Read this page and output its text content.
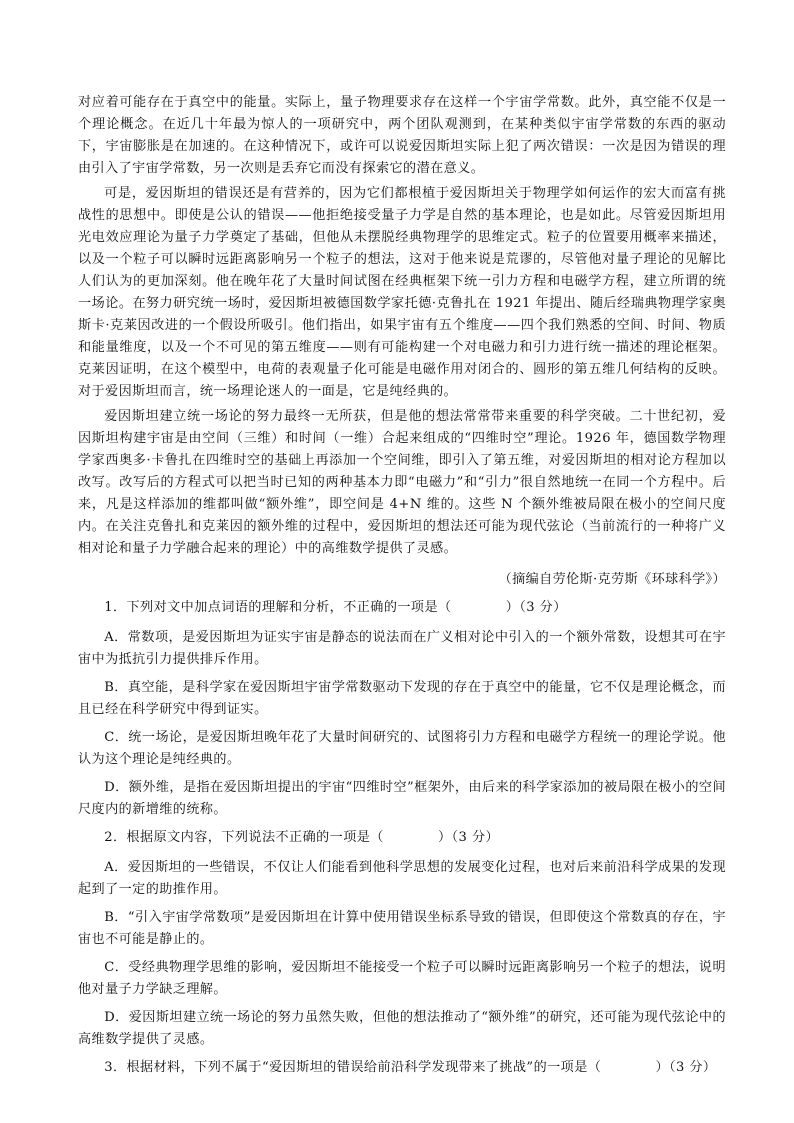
对应着可能存在于真空中的能量。实际上，量子物理要求存在这样一个宇宙学常数。此外，真空能不仅是一个理论概念。在近几十年最为惊人的一项研究中，两个团队观测到，在某种类似宇宙学常数的东西的驱动下，宇宙膨胀是在加速的。在这种情况下，或许可以说爱因斯坦实际上犯了两次错误：一次是因为错误的理由引入了宇宙学常数，另一次则是丢弃它而没有探索它的潜在意义。

可是，爱因斯坦的错误还是有营养的，因为它们都根植于爱因斯坦关于物理学如何运作的宏大而富有挑战性的思想中。即使是公认的错误——他拒绝接受量子力学是自然的基本理论，也是如此。尽管爱因斯坦用光电效应理论为量子力学奠定了基础，但他从未摆脱经典物理学的思维定式。粒子的位置要用概率来描述，以及一个粒子可以瞬时远距离影响另一个粒子的想法，这对于他来说是荒谬的，尽管他对量子理论的见解比人们认为的更加深刻。他在晚年花了大量时间试图在经典框架下统一引力方程和电磁学方程，建立所谓的统一场论。在努力研究统一场时，爱因斯坦被德国数学家托德·克鲁扎在 1921 年提出、随后经瑞典物理学家奥斯卡·克莱因改进的一个假设所吸引。他们指出，如果宇宙有五个维度——四个我们熟悉的空间、时间、物质和能量维度，以及一个不可见的第五维度——则有可能构建一个对电磁力和引力进行统一描述的理论框架。克莱因证明，在这个模型中，电荷的表观量子化可能是电磁作用对闭合的、圆形的第五维几何结构的反映。对于爱因斯坦而言，统一场理论迷人的一面是，它是纯经典的。

爱因斯坦建立统一场论的努力最终一无所获，但是他的想法常常带来重要的科学突破。二十世纪初，爱因斯坦构建宇宙是由空间（三维）和时间（一维）合起来组成的“四维时空”理论。1926 年，德国数学物理学家西奥多·卡鲁扎在四维时空的基础上再添加一个空间维，即引入了第五维，对爱因斯坦的相对论方程加以改写。改写后的方程式可以把当时已知的两种基本力即“电磁力”和“引力”很自然地统一在同一个方程中。后来，凡是这样添加的维都叫做“额外维”，即空间是 4+N 维的。这些 N 个额外维被局限在极小的空间尺度内。在关注克鲁扎和克莱因的额外维的过程中，爱因斯坦的想法还可能为现代弦论（当前流行的一种将广义相对论和量子力学融合起来的理论）中的高维数学提供了灵感。

（摘编自劳伦斯·克劳斯《环球科学》）

1．下列对文中加点词语的理解和分析，不正确的一项是（　　　　）（3 分）

A．常数项，是爱因斯坦为证实宇宙是静态的说法而在广义相对论中引入的一个额外常数，设想其可在宇宙中为抵抗引力提供排斥作用。

B．真空能，是科学家在爱因斯坦宇宙学常数驱动下发现的存在于真空中的能量，它不仅是理论概念，而且已经在科学研究中得到证实。

C．统一场论，是爱因斯坦晚年花了大量时间研究的、试图将引力方程和电磁学方程统一的理论学说。他认为这个理论是纯经典的。

D．额外维，是指在爱因斯坦提出的宇宙“四维时空”框架外，由后来的科学家添加的被局限在极小的空间尺度内的新增维的统称。

2．根据原文内容，下列说法不正确的一项是（　　　　）（3 分）

A．爱因斯坦的一些错误，不仅让人们能看到他科学思想的发展变化过程，也对后来前沿科学成果的发现起到了一定的助推作用。

B．“引入宇宙学常数项”是爱因斯坦在计算中使用错误坐标系导致的错误，但即使这个常数真的存在，宇宙也不可能是静止的。

C．受经典物理学思维的影响，爱因斯坦不能接受一个粒子可以瞬时远距离影响另一个粒子的想法，说明他对量子力学缺乏理解。

D．爱因斯坦建立统一场论的努力虽然失败，但他的想法推动了“额外维”的研究，还可能为现代弦论中的高维数学提供了灵感。

3．根据材料，下列不属于“爱因斯坦的错误给前沿科学发现带来了挑战”的一项是（　　　　）（3 分）
